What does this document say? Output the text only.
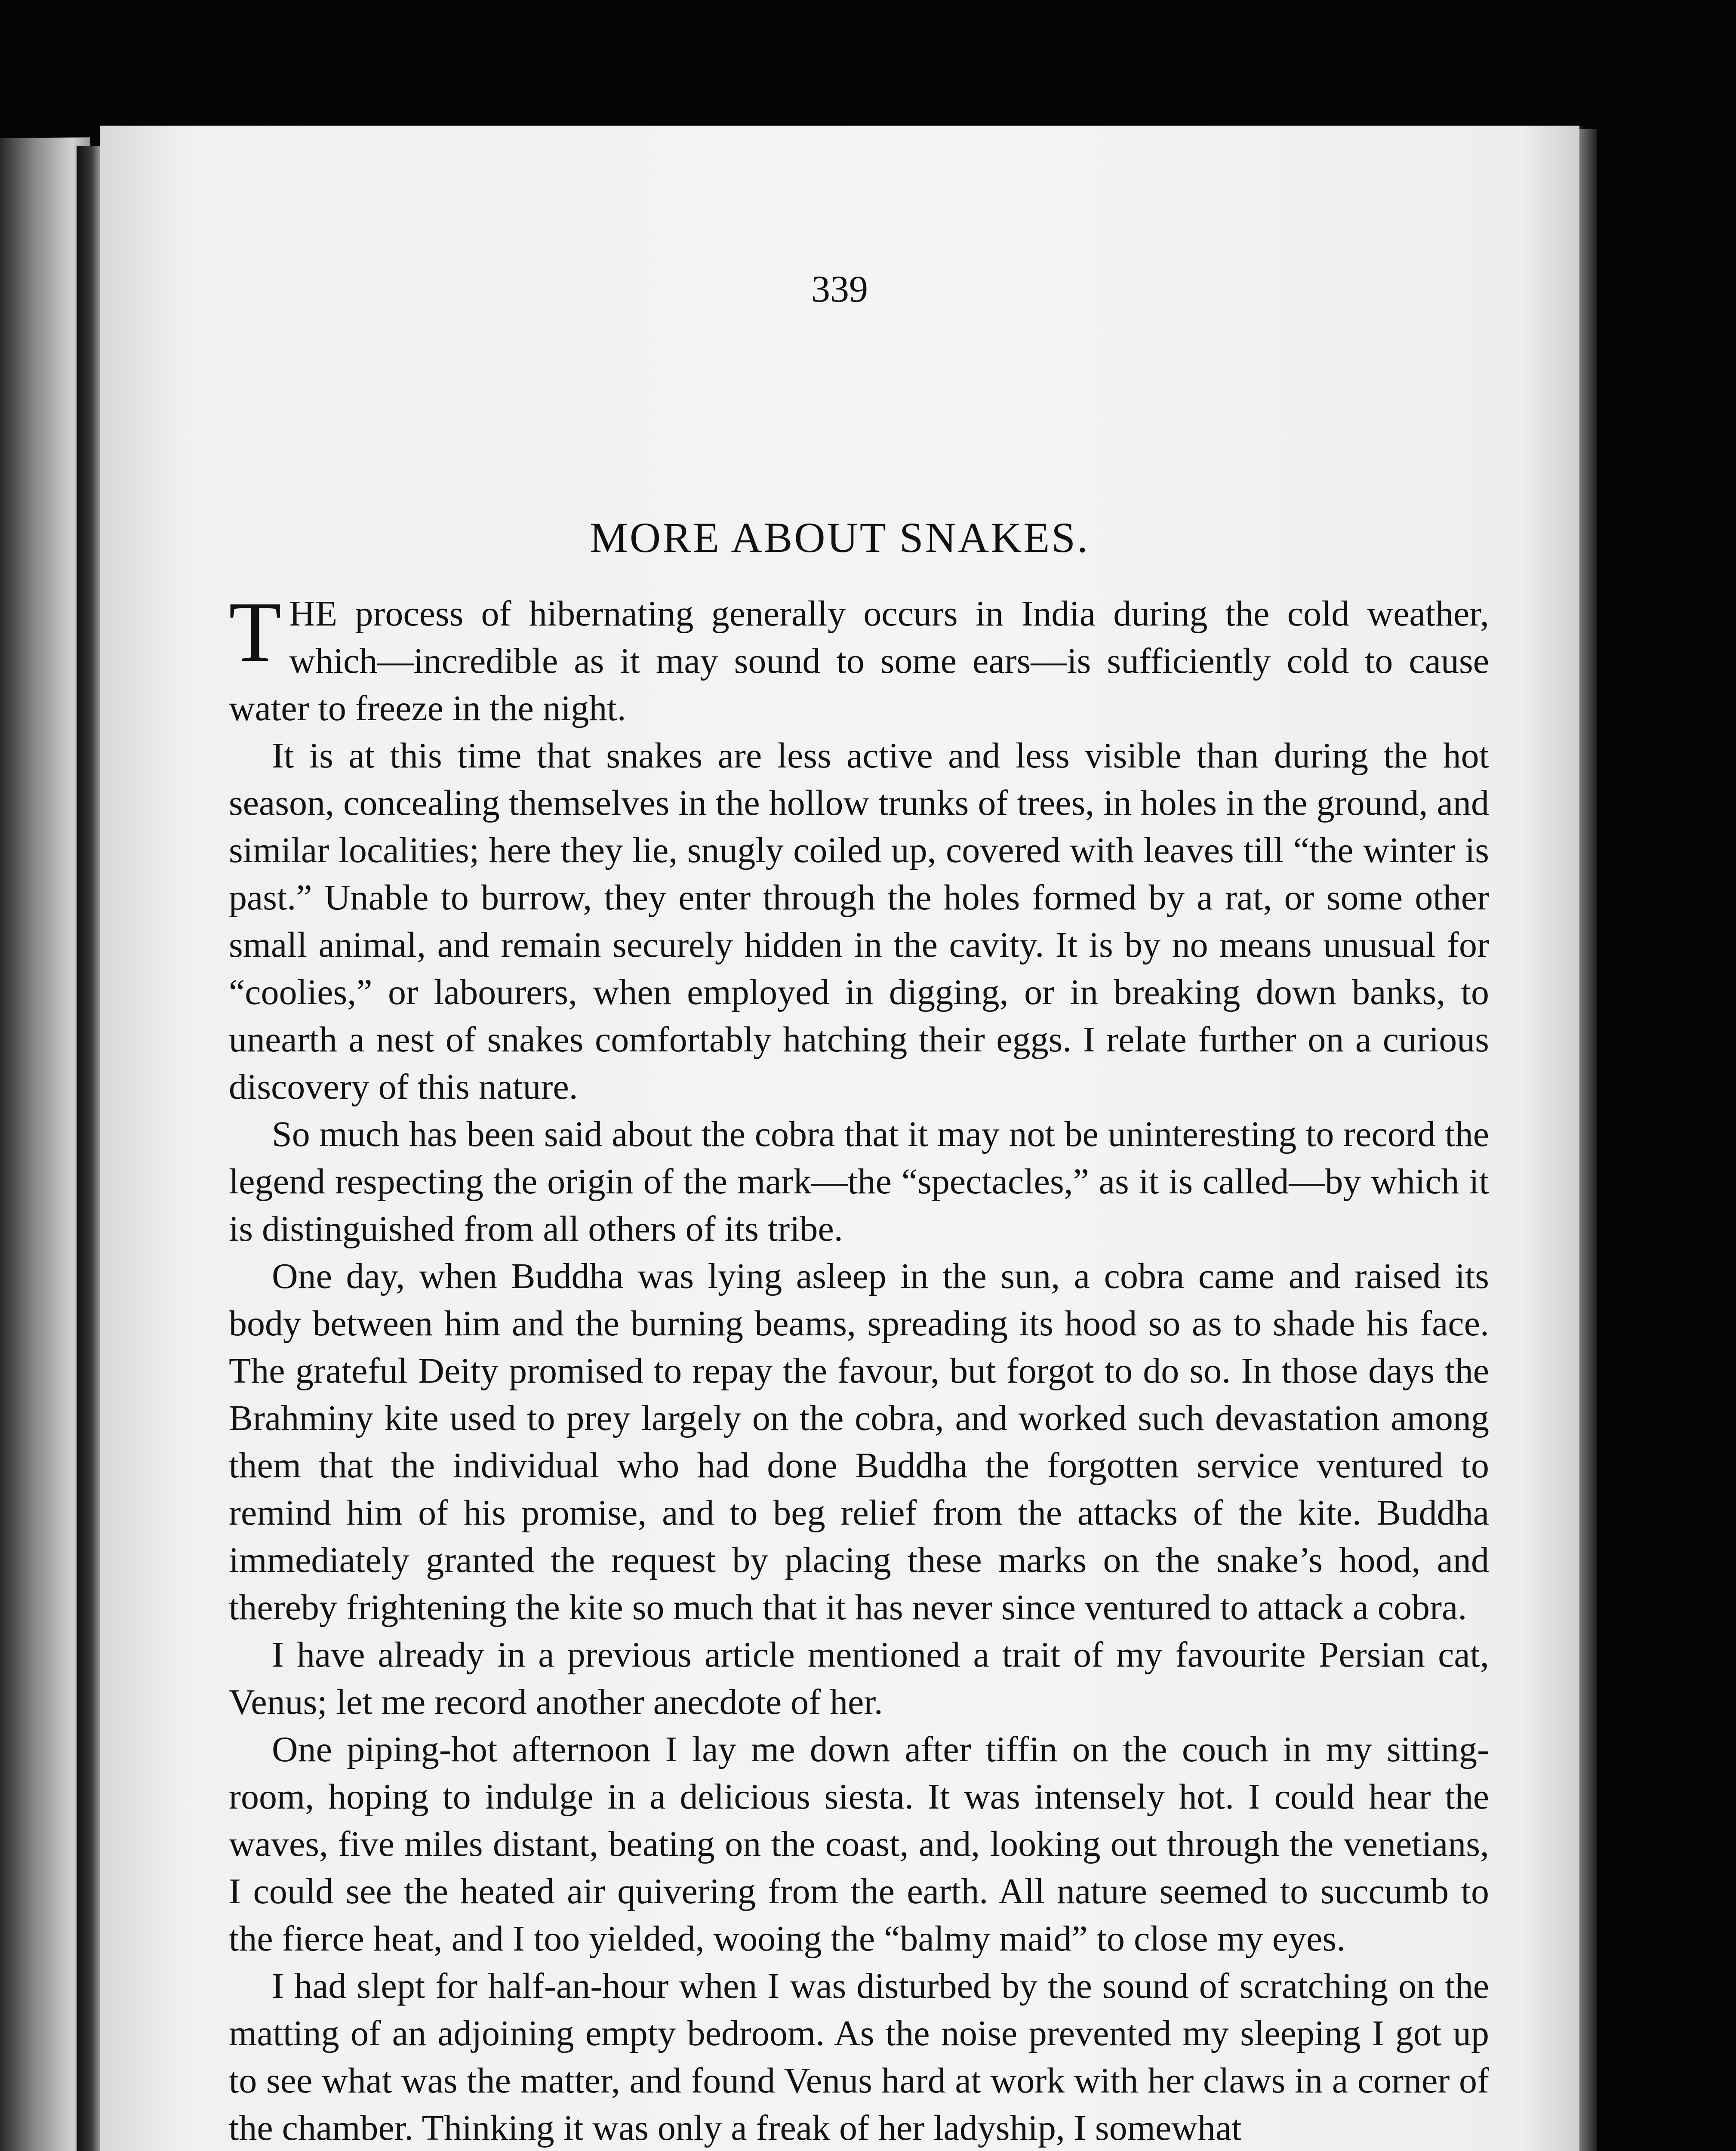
339

MORE ABOUT SNAKES.

THE process of hibernating generally occurs in India during the cold weather, which—incredible as it may sound to some ears—is sufficiently cold to cause water to freeze in the night.

It is at this time that snakes are less active and less visible than during the hot season, concealing themselves in the hollow trunks of trees, in holes in the ground, and similar localities; here they lie, snugly coiled up, covered with leaves till “the winter is past.” Unable to burrow, they enter through the holes formed by a rat, or some other small animal, and remain securely hidden in the cavity. It is by no means unusual for “coolies,” or labourers, when employed in digging, or in breaking down banks, to unearth a nest of snakes comfortably hatching their eggs. I relate further on a curious discovery of this nature.

So much has been said about the cobra that it may not be uninteresting to record the legend respecting the origin of the mark—the “spectacles,” as it is called—by which it is distinguished from all others of its tribe.

One day, when Buddha was lying asleep in the sun, a cobra came and raised its body between him and the burning beams, spreading its hood so as to shade his face. The grateful Deity promised to repay the favour, but forgot to do so. In those days the Brahminy kite used to prey largely on the cobra, and worked such devastation among them that the individual who had done Buddha the forgotten service ventured to remind him of his promise, and to beg relief from the attacks of the kite. Buddha immediately granted the request by placing these marks on the snake’s hood, and thereby frightening the kite so much that it has never since ventured to attack a cobra.

I have already in a previous article mentioned a trait of my favourite Persian cat, Venus; let me record another anecdote of her.

One piping-hot afternoon I lay me down after tiffin on the couch in my sitting-room, hoping to indulge in a delicious siesta. It was intensely hot. I could hear the waves, five miles distant, beating on the coast, and, looking out through the venetians, I could see the heated air quivering from the earth. All nature seemed to succumb to the fierce heat, and I too yielded, wooing the “balmy maid” to close my eyes.

I had slept for half-an-hour when I was disturbed by the sound of scratching on the matting of an adjoining empty bedroom. As the noise prevented my sleeping I got up to see what was the matter, and found Venus hard at work with her claws in a corner of the chamber. Thinking it was only a freak of her ladyship, I somewhat
